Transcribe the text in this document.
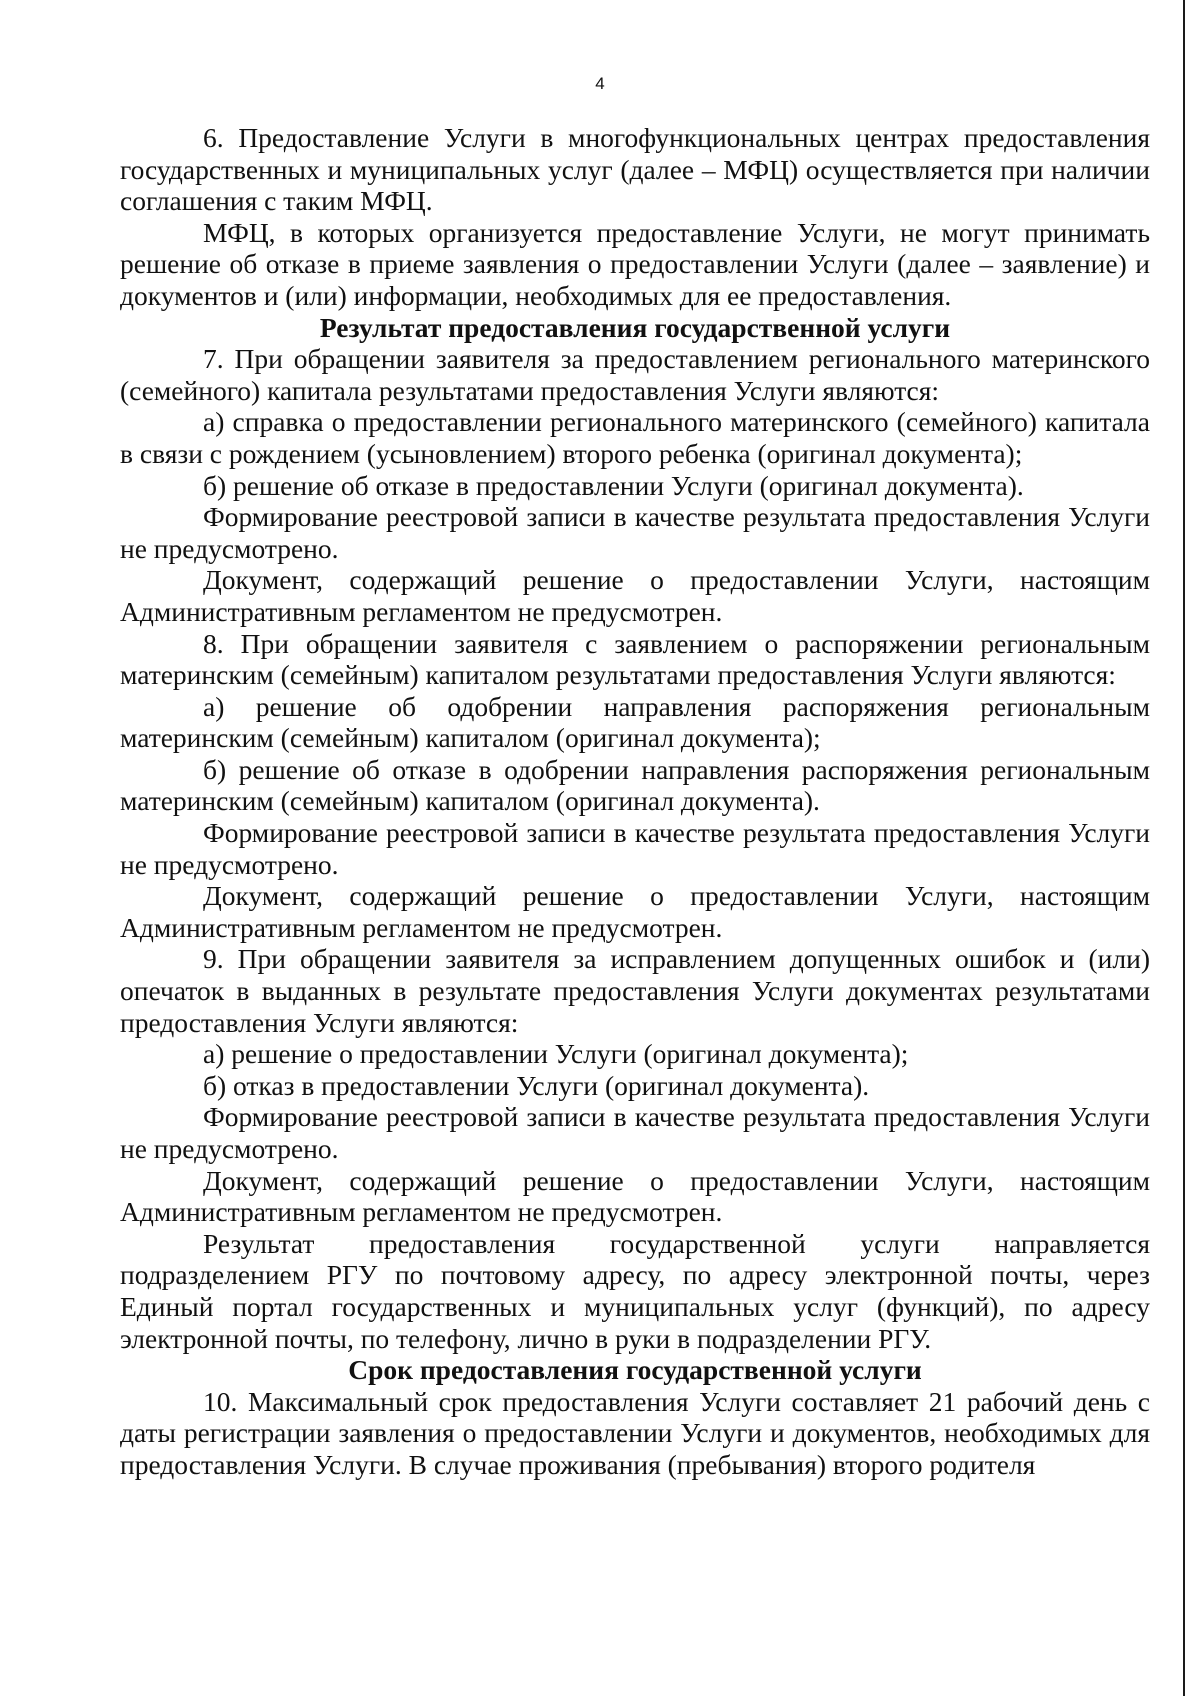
4

6. Предоставление Услуги в многофункциональных центрах предоставления государственных и муниципальных услуг (далее – МФЦ) осуществляется при наличии соглашения с таким МФЦ.

МФЦ, в которых организуется предоставление Услуги, не могут принимать решение об отказе в приеме заявления о предоставлении Услуги (далее – заявление) и документов и (или) информации, необходимых для ее предоставления.

Результат предоставления государственной услуги

7. При обращении заявителя за предоставлением регионального материнского (семейного) капитала результатами предоставления Услуги являются:

а) справка о предоставлении регионального материнского (семейного) капитала в связи с рождением (усыновлением) второго ребенка (оригинал документа);

б) решение об отказе в предоставлении Услуги (оригинал документа).

Формирование реестровой записи в качестве результата предоставления Услуги не предусмотрено.

Документ, содержащий решение о предоставлении Услуги, настоящим Административным регламентом не предусмотрен.

8. При обращении заявителя с заявлением о распоряжении региональным материнским (семейным) капиталом результатами предоставления Услуги являются:

а) решение об одобрении направления распоряжения региональным материнским (семейным) капиталом (оригинал документа);

б) решение об отказе в одобрении направления распоряжения региональным материнским (семейным) капиталом (оригинал документа).

Формирование реестровой записи в качестве результата предоставления Услуги не предусмотрено.

Документ, содержащий решение о предоставлении Услуги, настоящим Административным регламентом не предусмотрен.

9. При обращении заявителя за исправлением допущенных ошибок и (или) опечаток в выданных в результате предоставления Услуги документах результатами предоставления Услуги являются:

а) решение о предоставлении Услуги (оригинал документа);

б) отказ в предоставлении Услуги (оригинал документа).

Формирование реестровой записи в качестве результата предоставления Услуги не предусмотрено.

Документ, содержащий решение о предоставлении Услуги, настоящим Административным регламентом не предусмотрен.

Результат предоставления государственной услуги направляется подразделением РГУ по почтовому адресу, по адресу электронной почты, через Единый портал государственных и муниципальных услуг (функций), по адресу электронной почты, по телефону, лично в руки в подразделении РГУ.

Срок предоставления государственной услуги

10. Максимальный срок предоставления Услуги составляет 21 рабочий день с даты регистрации заявления о предоставлении Услуги и документов, необходимых для предоставления Услуги. В случае проживания (пребывания) второго родителя
